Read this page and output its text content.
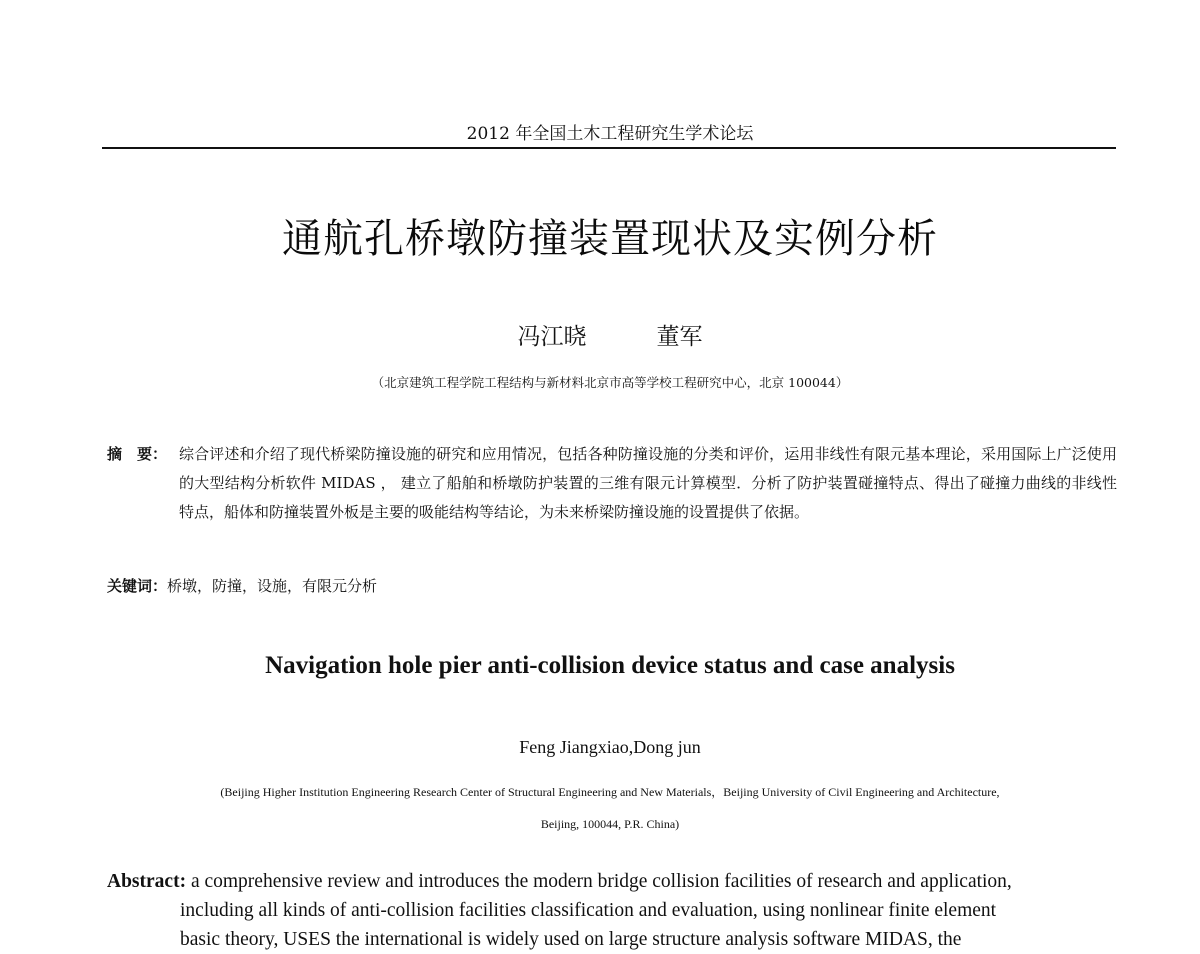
2012 年全国土木工程研究生学术论坛
通航孔桥墩防撞装置现状及实例分析
冯江晓	董军
（北京建筑工程学院工程结构与新材料北京市高等学校工程研究中心，北京 100044）
摘　要： 综合评述和介绍了现代桥梁防撞设施的研究和应用情况，包括各种防撞设施的分类和评价，运用非线性有限元基本理论，采用国际上广泛使用的大型结构分析软件 MIDAS ， 建立了船舶和桥墩防护装置的三维有限元计算模型．分析了防护装置碰撞特点、得出了碰撞力曲线的非线性特点，船体和防撞装置外板是主要的吸能结构等结论，为未来桥梁防撞设施的设置提供了依据。
关键词：桥墩，防撞，设施，有限元分析
Navigation hole pier anti-collision device status and case analysis
Feng Jiangxiao,Dong jun
(Beijing Higher Institution Engineering Research Center of Structural Engineering and New Materials，Beijing University of Civil Engineering and Architecture,
Beijing, 100044, P.R. China)
Abstract: a comprehensive review and introduces the modern bridge collision facilities of research and application,
including all kinds of anti-collision facilities classification and evaluation, using nonlinear finite element
basic theory, USES the international is widely used on large structure analysis software MIDAS, the
